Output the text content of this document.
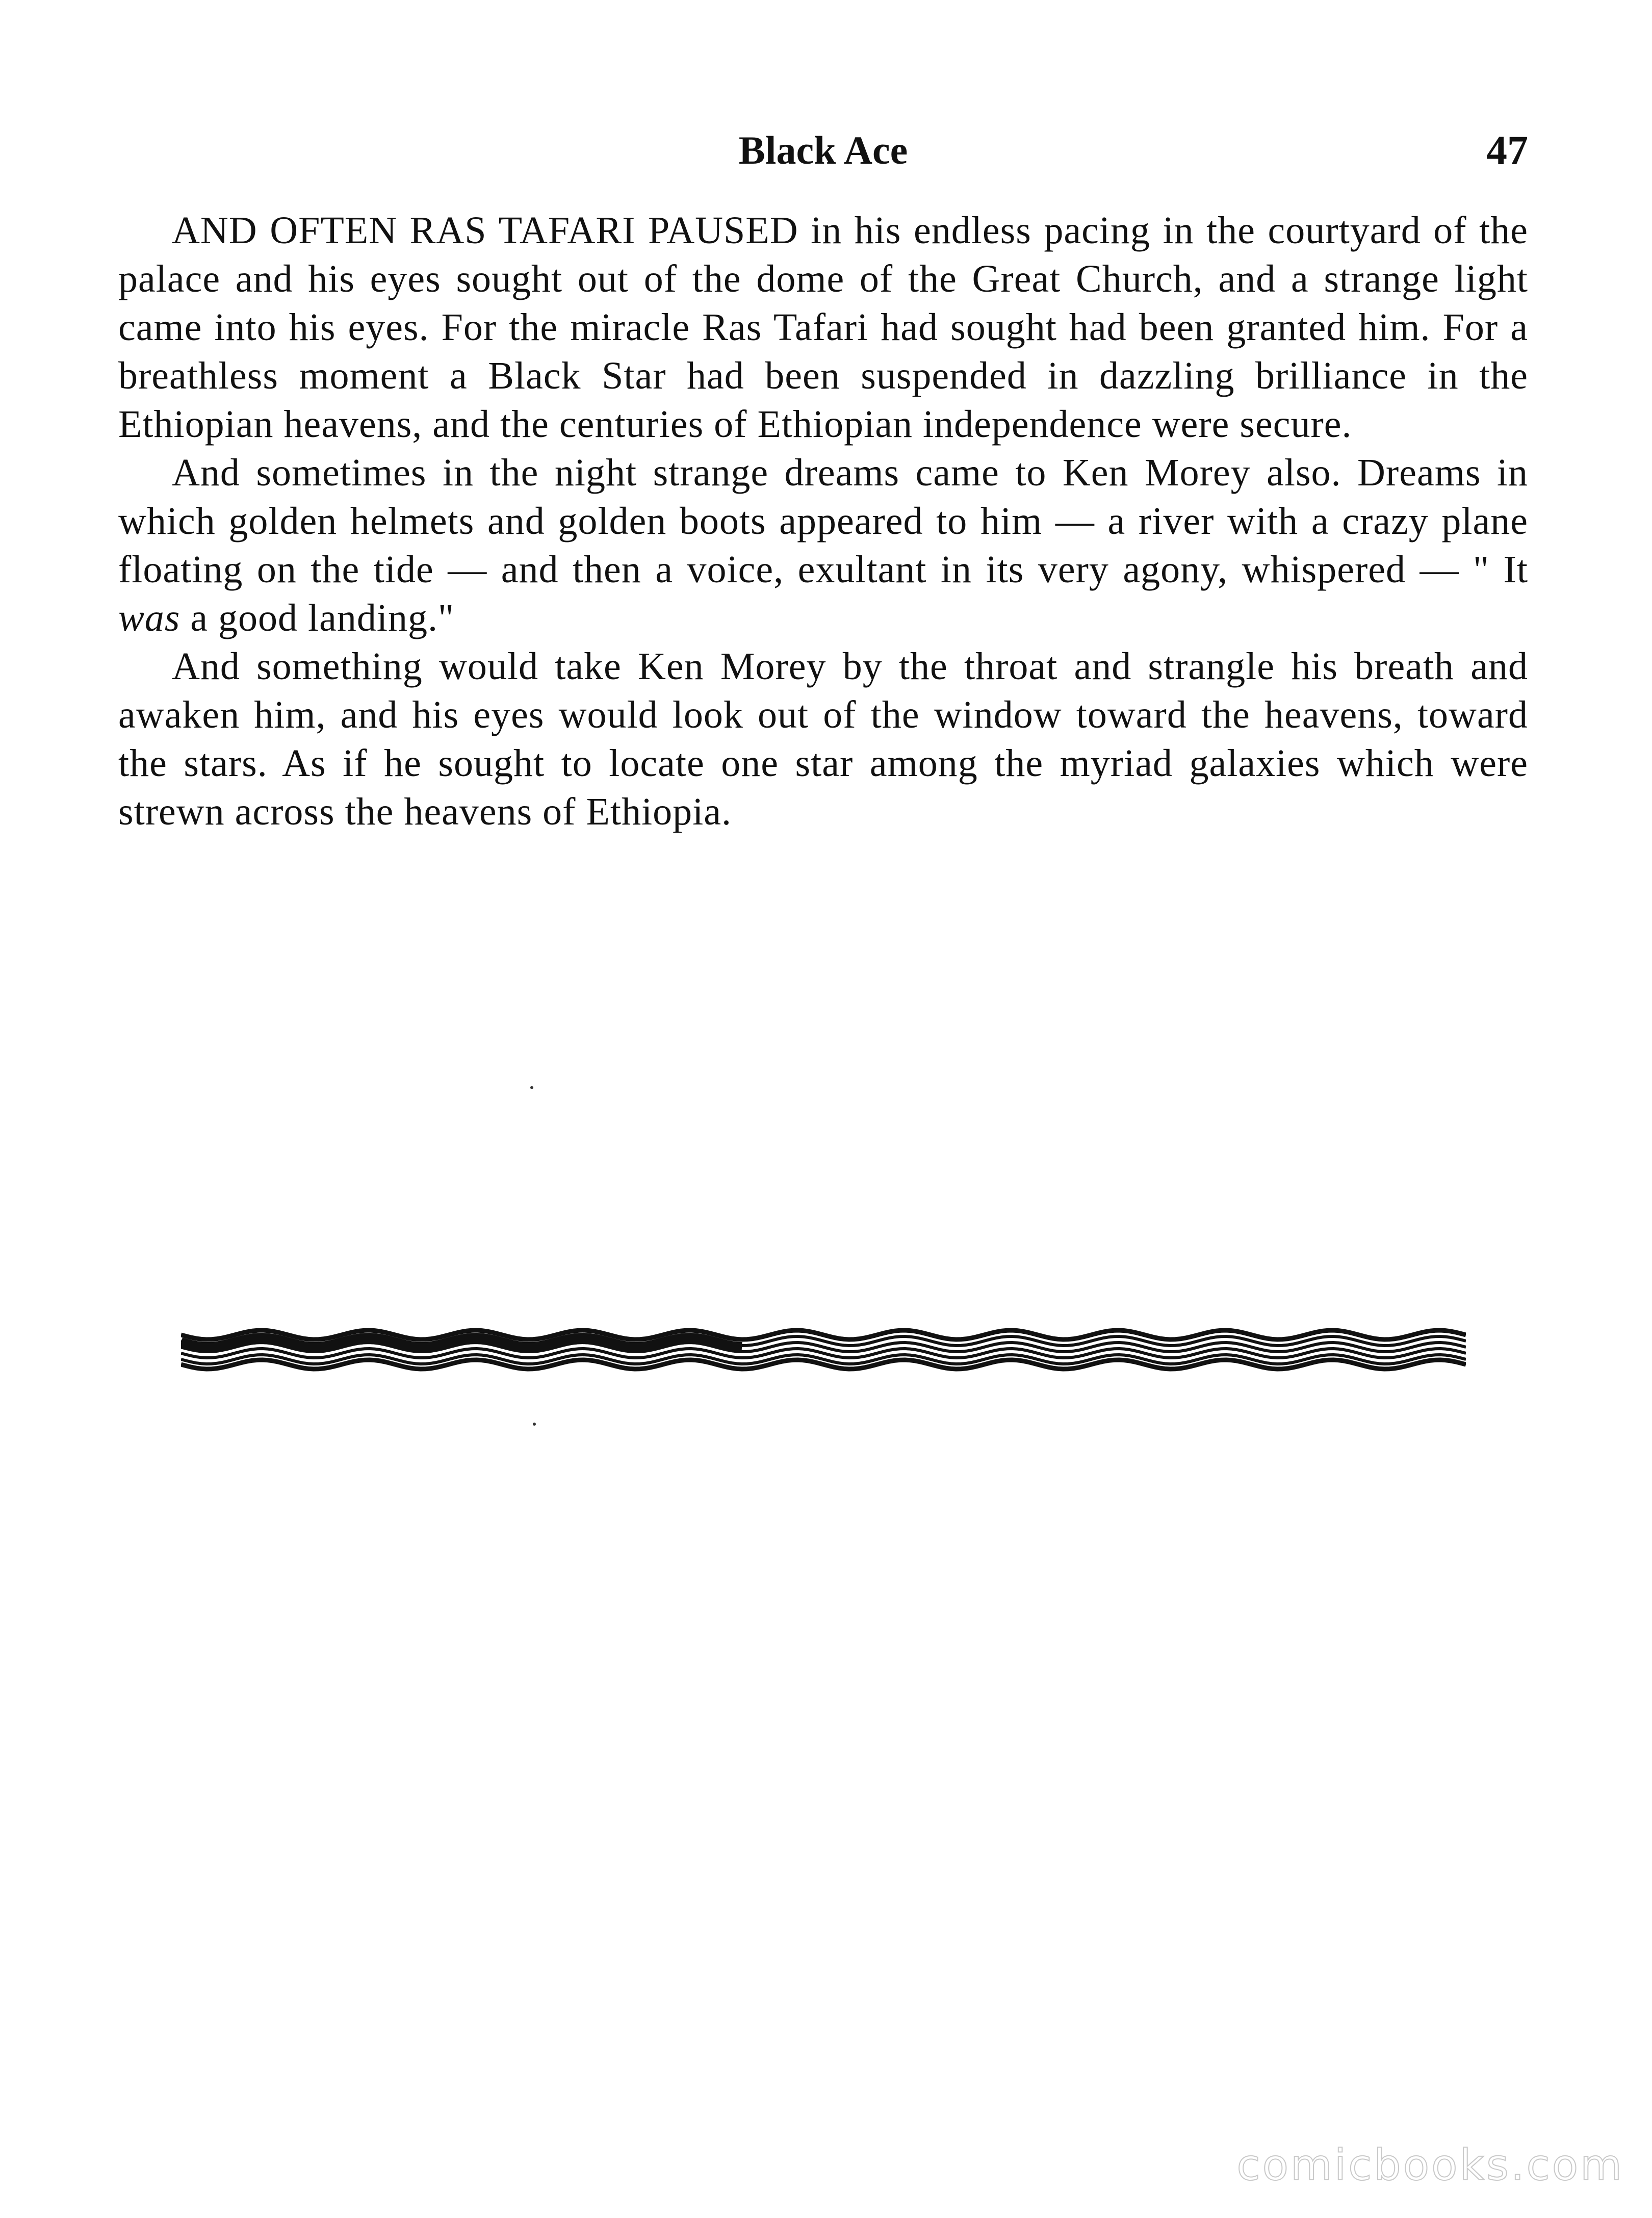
Black Ace	47

AND OFTEN RAS TAFARI PAUSED in his endless pacing in the courtyard of the palace and his eyes sought out of the dome of the Great Church, and a strange light came into his eyes. For the miracle Ras Tafari had sought had been granted him. For a breathless moment a Black Star had been suspended in dazzling brilliance in the Ethiopian heavens, and the centuries of Ethiopian independence were secure.

And sometimes in the night strange dreams came to Ken Morey also. Dreams in which golden helmets and golden boots appeared to him — a river with a crazy plane floating on the tide — and then a voice, exultant in its very agony, whispered — " It was a good landing."

And something would take Ken Morey by the throat and strangle his breath and awaken him, and his eyes would look out of the window toward the heavens, toward the stars. As if he sought to locate one star among the myriad galaxies which were strewn across the heavens of Ethiopia.

comicbooks.com
